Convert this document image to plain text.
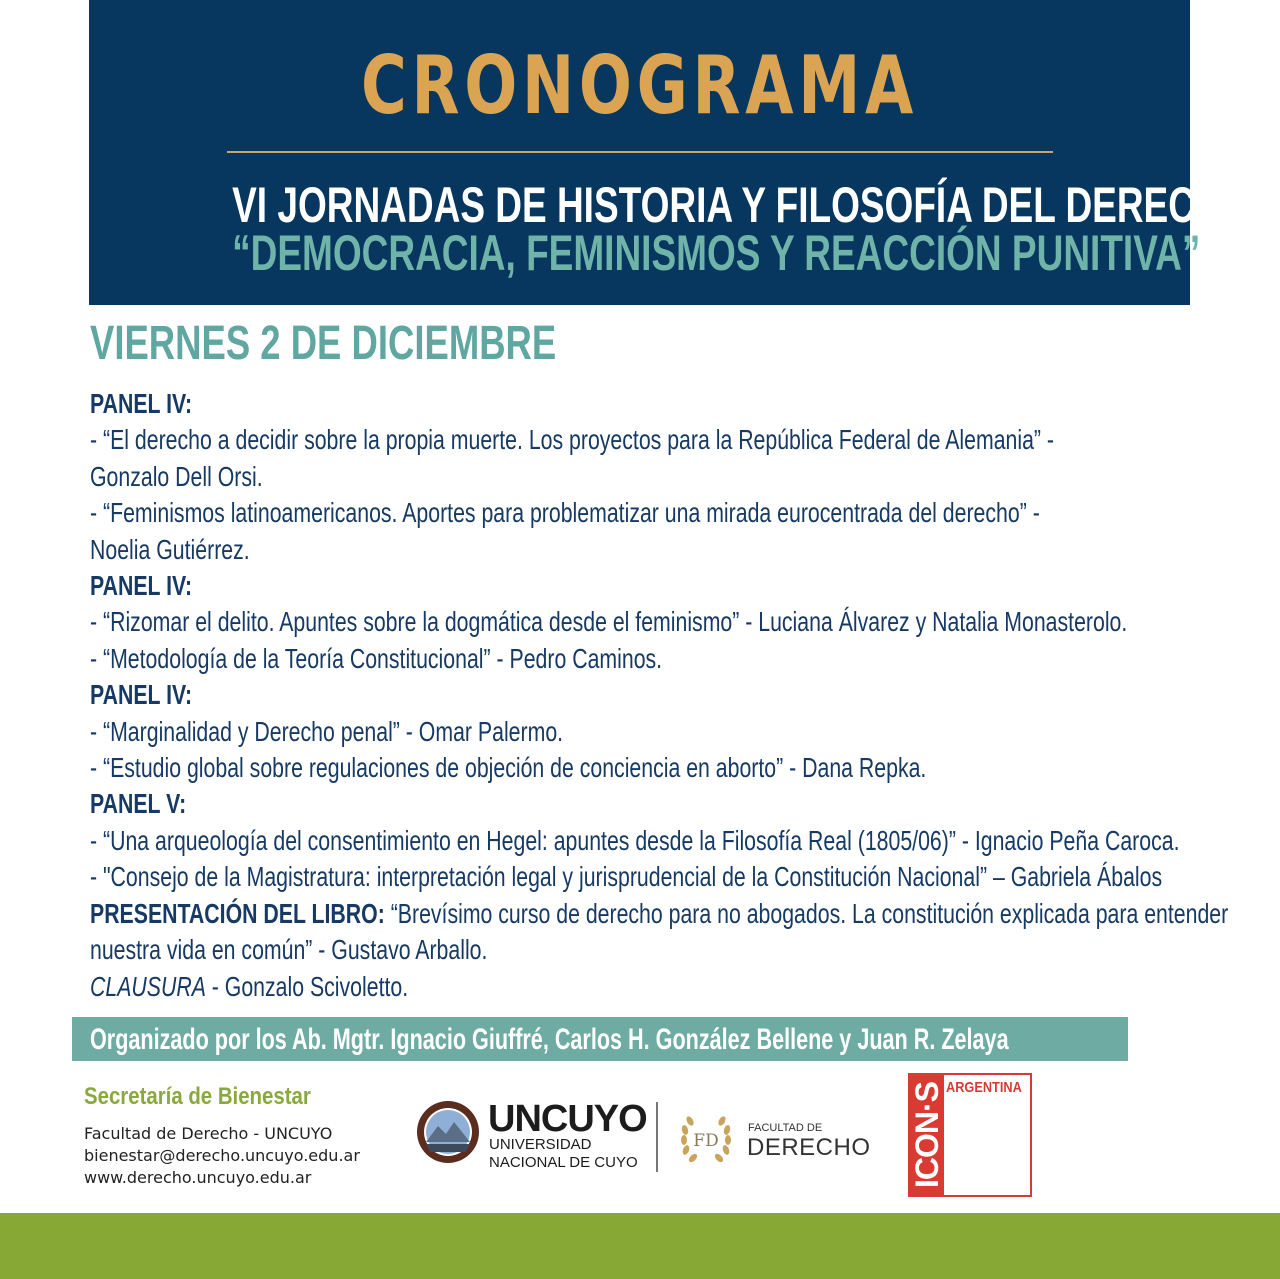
CRONOGRAMA
VI JORNADAS DE HISTORIA Y FILOSOFÍA DEL DERECHO:
“DEMOCRACIA, FEMINISMOS Y REACCIÓN PUNITIVA”
VIERNES 2 DE DICIEMBRE
PANEL IV:
- “El derecho a decidir sobre la propia muerte. Los proyectos para la República Federal de Alemania” -
Gonzalo Dell Orsi.
- “Feminismos latinoamericanos. Aportes para problematizar una mirada eurocentrada del derecho” -
Noelia Gutiérrez.
PANEL IV:
- “Rizomar el delito. Apuntes sobre la dogmática desde el feminismo” - Luciana Álvarez y Natalia Monasterolo.
- “Metodología de la Teoría Constitucional” - Pedro Caminos.
PANEL IV:
- “Marginalidad y Derecho penal” - Omar Palermo.
- “Estudio global sobre regulaciones de objeción de conciencia en aborto” - Dana Repka.
PANEL V:
- “Una arqueología del consentimiento en Hegel: apuntes desde la Filosofía Real (1805/06)” - Ignacio Peña Caroca.
- "Consejo de la Magistratura: interpretación legal y jurisprudencial de la Constitución Nacional” – Gabriela Ábalos
PRESENTACIÓN DEL LIBRO: “Brevísimo curso de derecho para no abogados. La constitución explicada para entender
nuestra vida en común” - Gustavo Arballo.
CLAUSURA - Gonzalo Scivoletto.
Organizado por los Ab. Mgtr. Ignacio Giuffré, Carlos H. González Bellene y Juan R. Zelaya
Secretaría de Bienestar
Facultad de Derecho - UNCUYO
bienestar@derecho.uncuyo.edu.ar
www.derecho.uncuyo.edu.ar
UNCUYO
UNIVERSIDAD
NACIONAL DE CUYO
FD
FACULTAD DE
DERECHO ICON·S ARGENTINA
